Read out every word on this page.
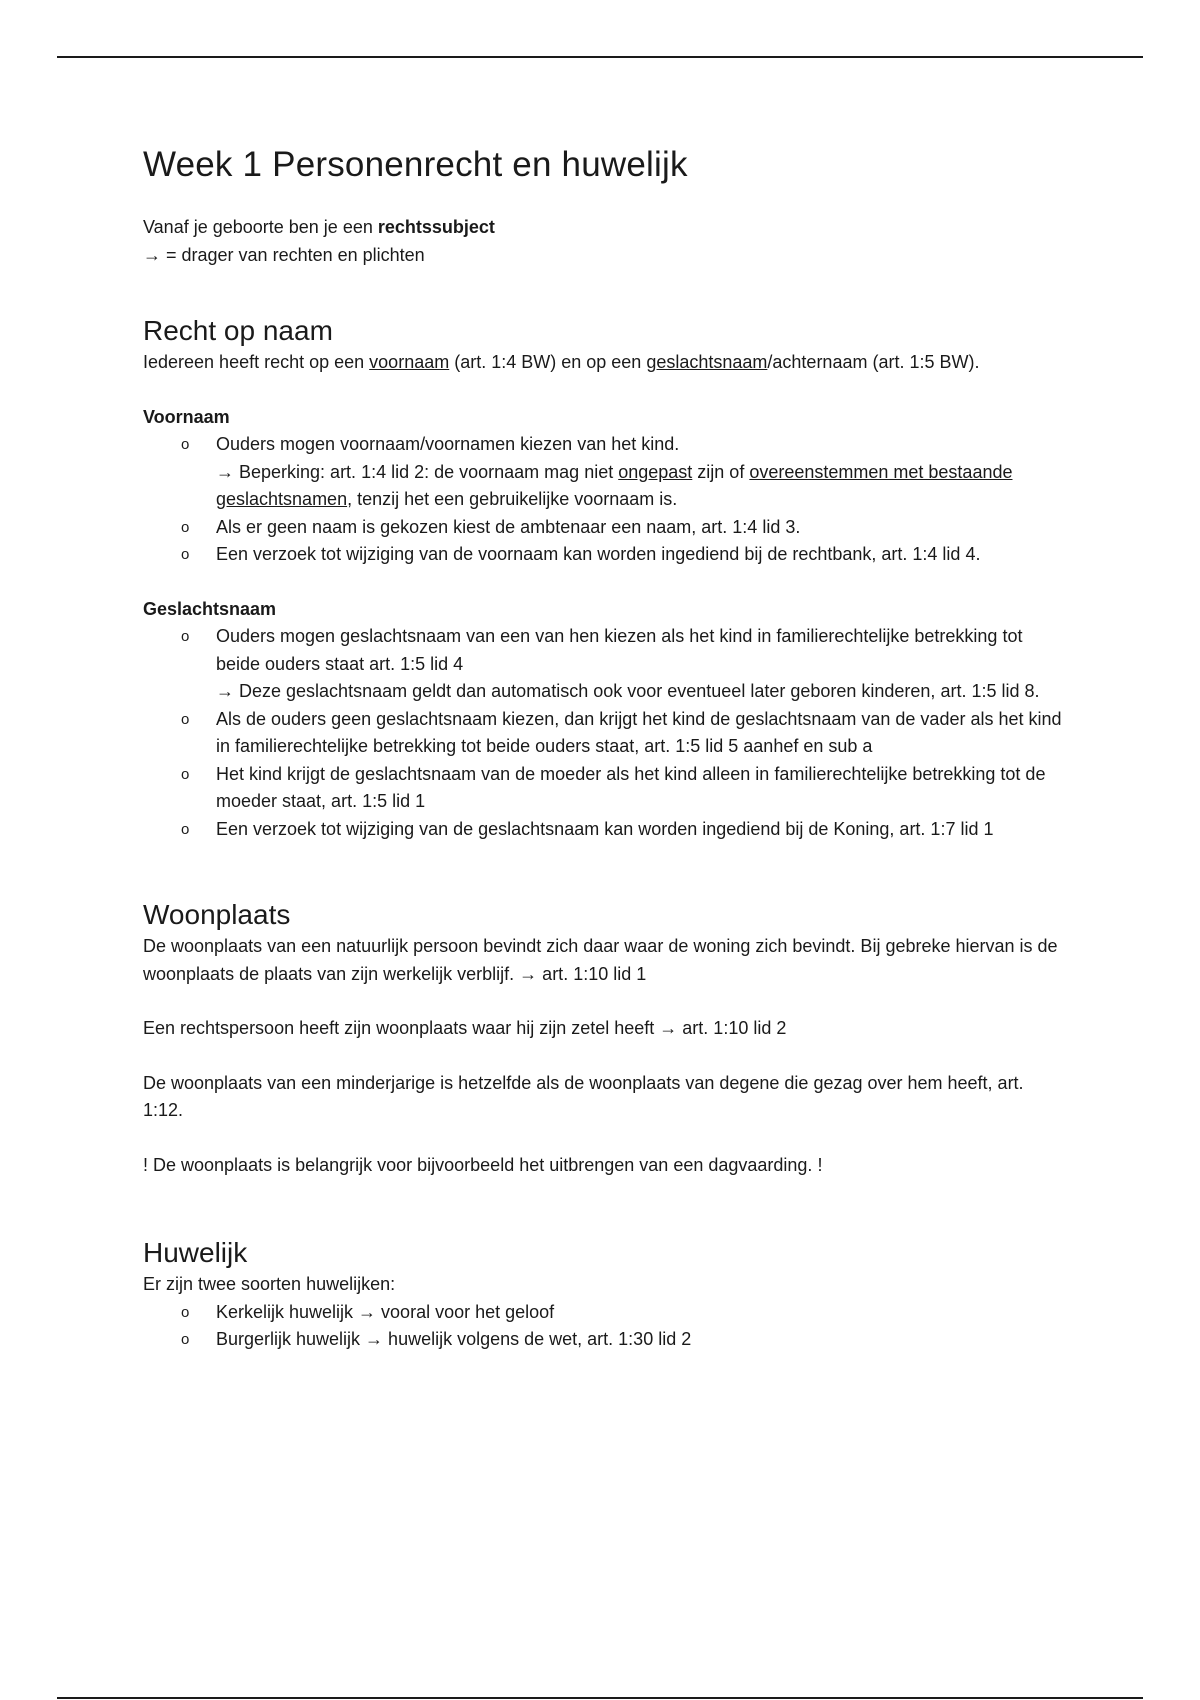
Week 1 Personenrecht en huwelijk

Vanaf je geboorte ben je een rechtssubject

→ = drager van rechten en plichten

Recht op naam

Iedereen heeft recht op een voornaam (art. 1:4 BW) en op een geslachtsnaam/achternaam (art. 1:5 BW).

Voornaam

o Ouders mogen voornaam/voornamen kiezen van het kind.
→ Beperking: art. 1:4 lid 2: de voornaam mag niet ongepast zijn of overeenstemmen met bestaande geslachtsnamen, tenzij het een gebruikelijke voornaam is.
o Als er geen naam is gekozen kiest de ambtenaar een naam, art. 1:4 lid 3.
o Een verzoek tot wijziging van de voornaam kan worden ingediend bij de rechtbank, art. 1:4 lid 4.

Geslachtsnaam

o Ouders mogen geslachtsnaam van een van hen kiezen als het kind in familierechtelijke betrekking tot beide ouders staat art. 1:5 lid 4
→ Deze geslachtsnaam geldt dan automatisch ook voor eventueel later geboren kinderen, art. 1:5 lid 8.
o Als de ouders geen geslachtsnaam kiezen, dan krijgt het kind de geslachtsnaam van de vader als het kind in familierechtelijke betrekking tot beide ouders staat, art. 1:5 lid 5 aanhef en sub a
o Het kind krijgt de geslachtsnaam van de moeder als het kind alleen in familierechtelijke betrekking tot de moeder staat, art. 1:5 lid 1
o Een verzoek tot wijziging van de geslachtsnaam kan worden ingediend bij de Koning, art. 1:7 lid 1
Woonplaats

De woonplaats van een natuurlijk persoon bevindt zich daar waar de woning zich bevindt. Bij gebreke hiervan is de woonplaats de plaats van zijn werkelijk verblijf. → art. 1:10 lid 1

Een rechtspersoon heeft zijn woonplaats waar hij zijn zetel heeft → art. 1:10 lid 2

De woonplaats van een minderjarige is hetzelfde als de woonplaats van degene die gezag over hem heeft, art. 1:12.

! De woonplaats is belangrijk voor bijvoorbeeld het uitbrengen van een dagvaarding. !

Huwelijk

Er zijn twee soorten huwelijken:

o Kerkelijk huwelijk → vooral voor het geloof
o Burgerlijk huwelijk → huwelijk volgens de wet, art. 1:30 lid 2
